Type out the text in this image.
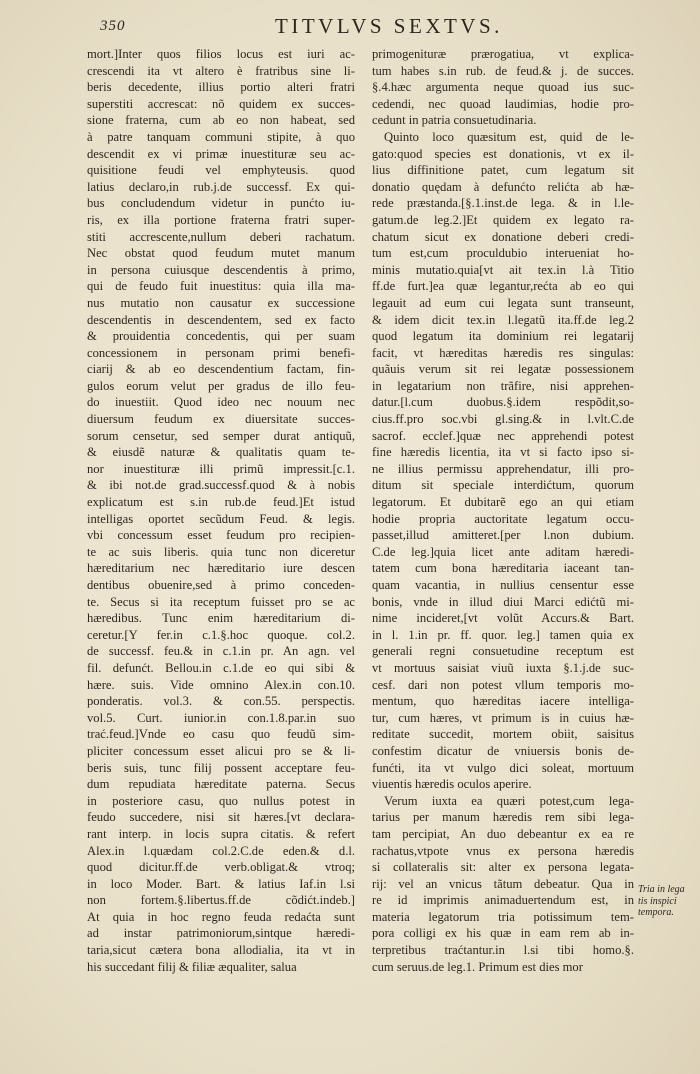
350	TITVLVS SEXTVS.
mort.]Inter quos filios locus est iuri ac-
crescendi ita vt altero è fratribus sine li-
beris decedente, illius portio alteri fratri
superstiti accrescat: nõ quidem ex succes-
sione fraterna, cum ab eo non habeat, sed
à patre tanquam communi stipite, à quo
descendit ex vi primæ inuestituræ seu ac-
quisitione feudi vel emphyteusis. quod
latius declaro,in rub.j.de successf. Ex qui-
bus concludendum videtur in punćto iu-
ris, ex illa portione fraterna fratri super-
stiti accrescente,nullum deberi rachatum.
Nec obstat quod feudum mutet manum
in persona cuiusque descendentis à primo,
qui de feudo fuit inuestitus: quia illa ma-
nus mutatio non causatur ex successione
descendentis in descendentem, sed ex facto
& prouidentia concedentis, qui per suam
concessionem in personam primi benefi-
ciarij & ab eo descendentium factam, fin-
gulos eorum velut per gradus de illo feu-
do inuestiit. Quod ideo nec nouum nec
diuersum feudum ex diuersitate succes-
sorum censetur, sed semper durat antiquũ,
& eiusdẽ naturæ & qualitatis quam te-
nor inuestituræ illi primũ impressit.[c.1.
& ibi not.de grad.successf.quod & à nobis
explicatum est s.in rub.de feud.]Et istud
intelligas oportet secũdum Feud. & legis.
vbi concessum esset feudum pro recipien-
te ac suis liberis. quia tunc non diceretur
hæreditarium nec hæreditario iure descen
dentibus obuenire,sed à primo conceden-
te. Secus si ita receptum fuisset pro se ac
hæredibus. Tunc enim hæreditarium di-
ceretur.[Y fer.in c.1.§.hoc quoque. col.2.
de successf. feu.& in c.1.in pr. An agn. vel
fil. defunćt. Bellou.in c.1.de eo qui sibi &
hære. suis. Vide omnino Alex.in con.10.
ponderatis. vol.3. & con.55. perspectis.
vol.5. Curt. iunior.in con.1.8.par.in suo
trać.feud.]Vnde eo casu quo feudũ sim-
pliciter concessum esset alicui pro se & li-
beris suis, tunc filij possent acceptare feu-
dum repudiata hæreditate paterna. Secus
in posteriore casu, quo nullus potest in
feudo succedere, nisi sit hæres.[vt declara-
rant interp. in locis supra citatis. & refert
Alex.in l.quædam col.2.C.de eden.& d.l.
quod dicitur.ff.de verb.obligat.& vtroq;
in loco Moder. Bart. & latius Iaf.in l.si
non fortem.§.libertus.ff.de cõdićt.indeb.]
At quia in hoc regno feuda redaćta sunt
ad instar patrimoniorum,sintque hæredi-
taria,sicut cætera bona allodialia, ita vt in
his succedant filij & filiæ æqualiter, salua
primogenituræ prærogatiua, vt explica-
tum habes s.in rub. de feud.& j. de succes.
§.4.hæc argumenta neque quoad ius suc-
cedendi, nec quoad laudimias, hodie pro-
cedunt in patria consuetudinaria.
Quinto loco quæsitum est, quid de le-
gato:quod species est donationis, vt ex il-
lius diffinitione patet, cum legatum sit
donatio quędam à defunćto relićta ab hæ-
rede præstanda.[§.1.inst.de lega. & in l.le-
gatum.de leg.2.]Et quidem ex legato ra-
chatum sicut ex donatione deberi credi-
tum est,cum proculdubio interueniat ho-
minis mutatio.quia[vt ait tex.in l.à Titio
ff.de furt.]ea quæ legantur,rećta ab eo qui
legauit ad eum cui legata sunt transeunt,
& idem dicit tex.in l.legatũ ita.ff.de leg.2
quod legatum ita dominium rei legatarij
facit, vt hæreditas hæredis res singulas:
quãuis verum sit rei legatæ possessionem
in legatarium non trãfire, nisi apprehen-
datur.[l.cum duobus.§.idem respõdit,so-
cius.ff.pro soc.vbi gl.sing.& in l.vlt.C.de
sacrof. ecclef.]quæ nec apprehendi potest
fine hæredis licentia, ita vt si facto ipso si-
ne illius permissu apprehendatur, illi pro-
ditum sit speciale interdićtum, quorum
legatorum. Et dubitarẽ ego an qui etiam
hodie propria auctoritate legatum occu-
passet,illud amitteret.[per l.non dubium.
C.de leg.]quia licet ante aditam hæredi-
tatem cum bona hæreditaria iaceant tan-
quam vacantia, in nullius censentur esse
bonis, vnde in illud diui Marci edićtũ mi-
nime incideret,[vt volũt Accurs.& Bart.
in l. 1.in pr. ff. quor. leg.] tamen quia ex
generali regni consuetudine receptum est
vt mortuus saisiat viuũ iuxta §.1.j.de suc-
cesf. dari non potest vllum temporis mo-
mentum, quo hæreditas iacere intelliga-
tur, cum hæres, vt primum is in cuius hæ-
reditate succedit, mortem obiit, saisitus
confestim dicatur de vniuersis bonis de-
funćti, ita vt vulgo dici soleat, mortuum
viuentis hæredis oculos aperire.
Verum iuxta ea quæri potest,cum lega-
tarius per manum hæredis rem sibi lega-
tam percipiat, An duo debeantur ex ea re
rachatus,vtpote vnus ex persona hæredis
si collateralis sit: alter ex persona legata-
rij: vel an vnicus tãtum debeatur. Qua in
re id imprimis animaduertendum est, in
materia legatorum tria potissimum tem-
pora colligi ex his quæ in eam rem ab in-
terpretibus traćtantur.in l.si tibi homo.§.
cum seruus.de leg.1. Primum est dies mor
Tria in lega
tis inspici
tempora.
